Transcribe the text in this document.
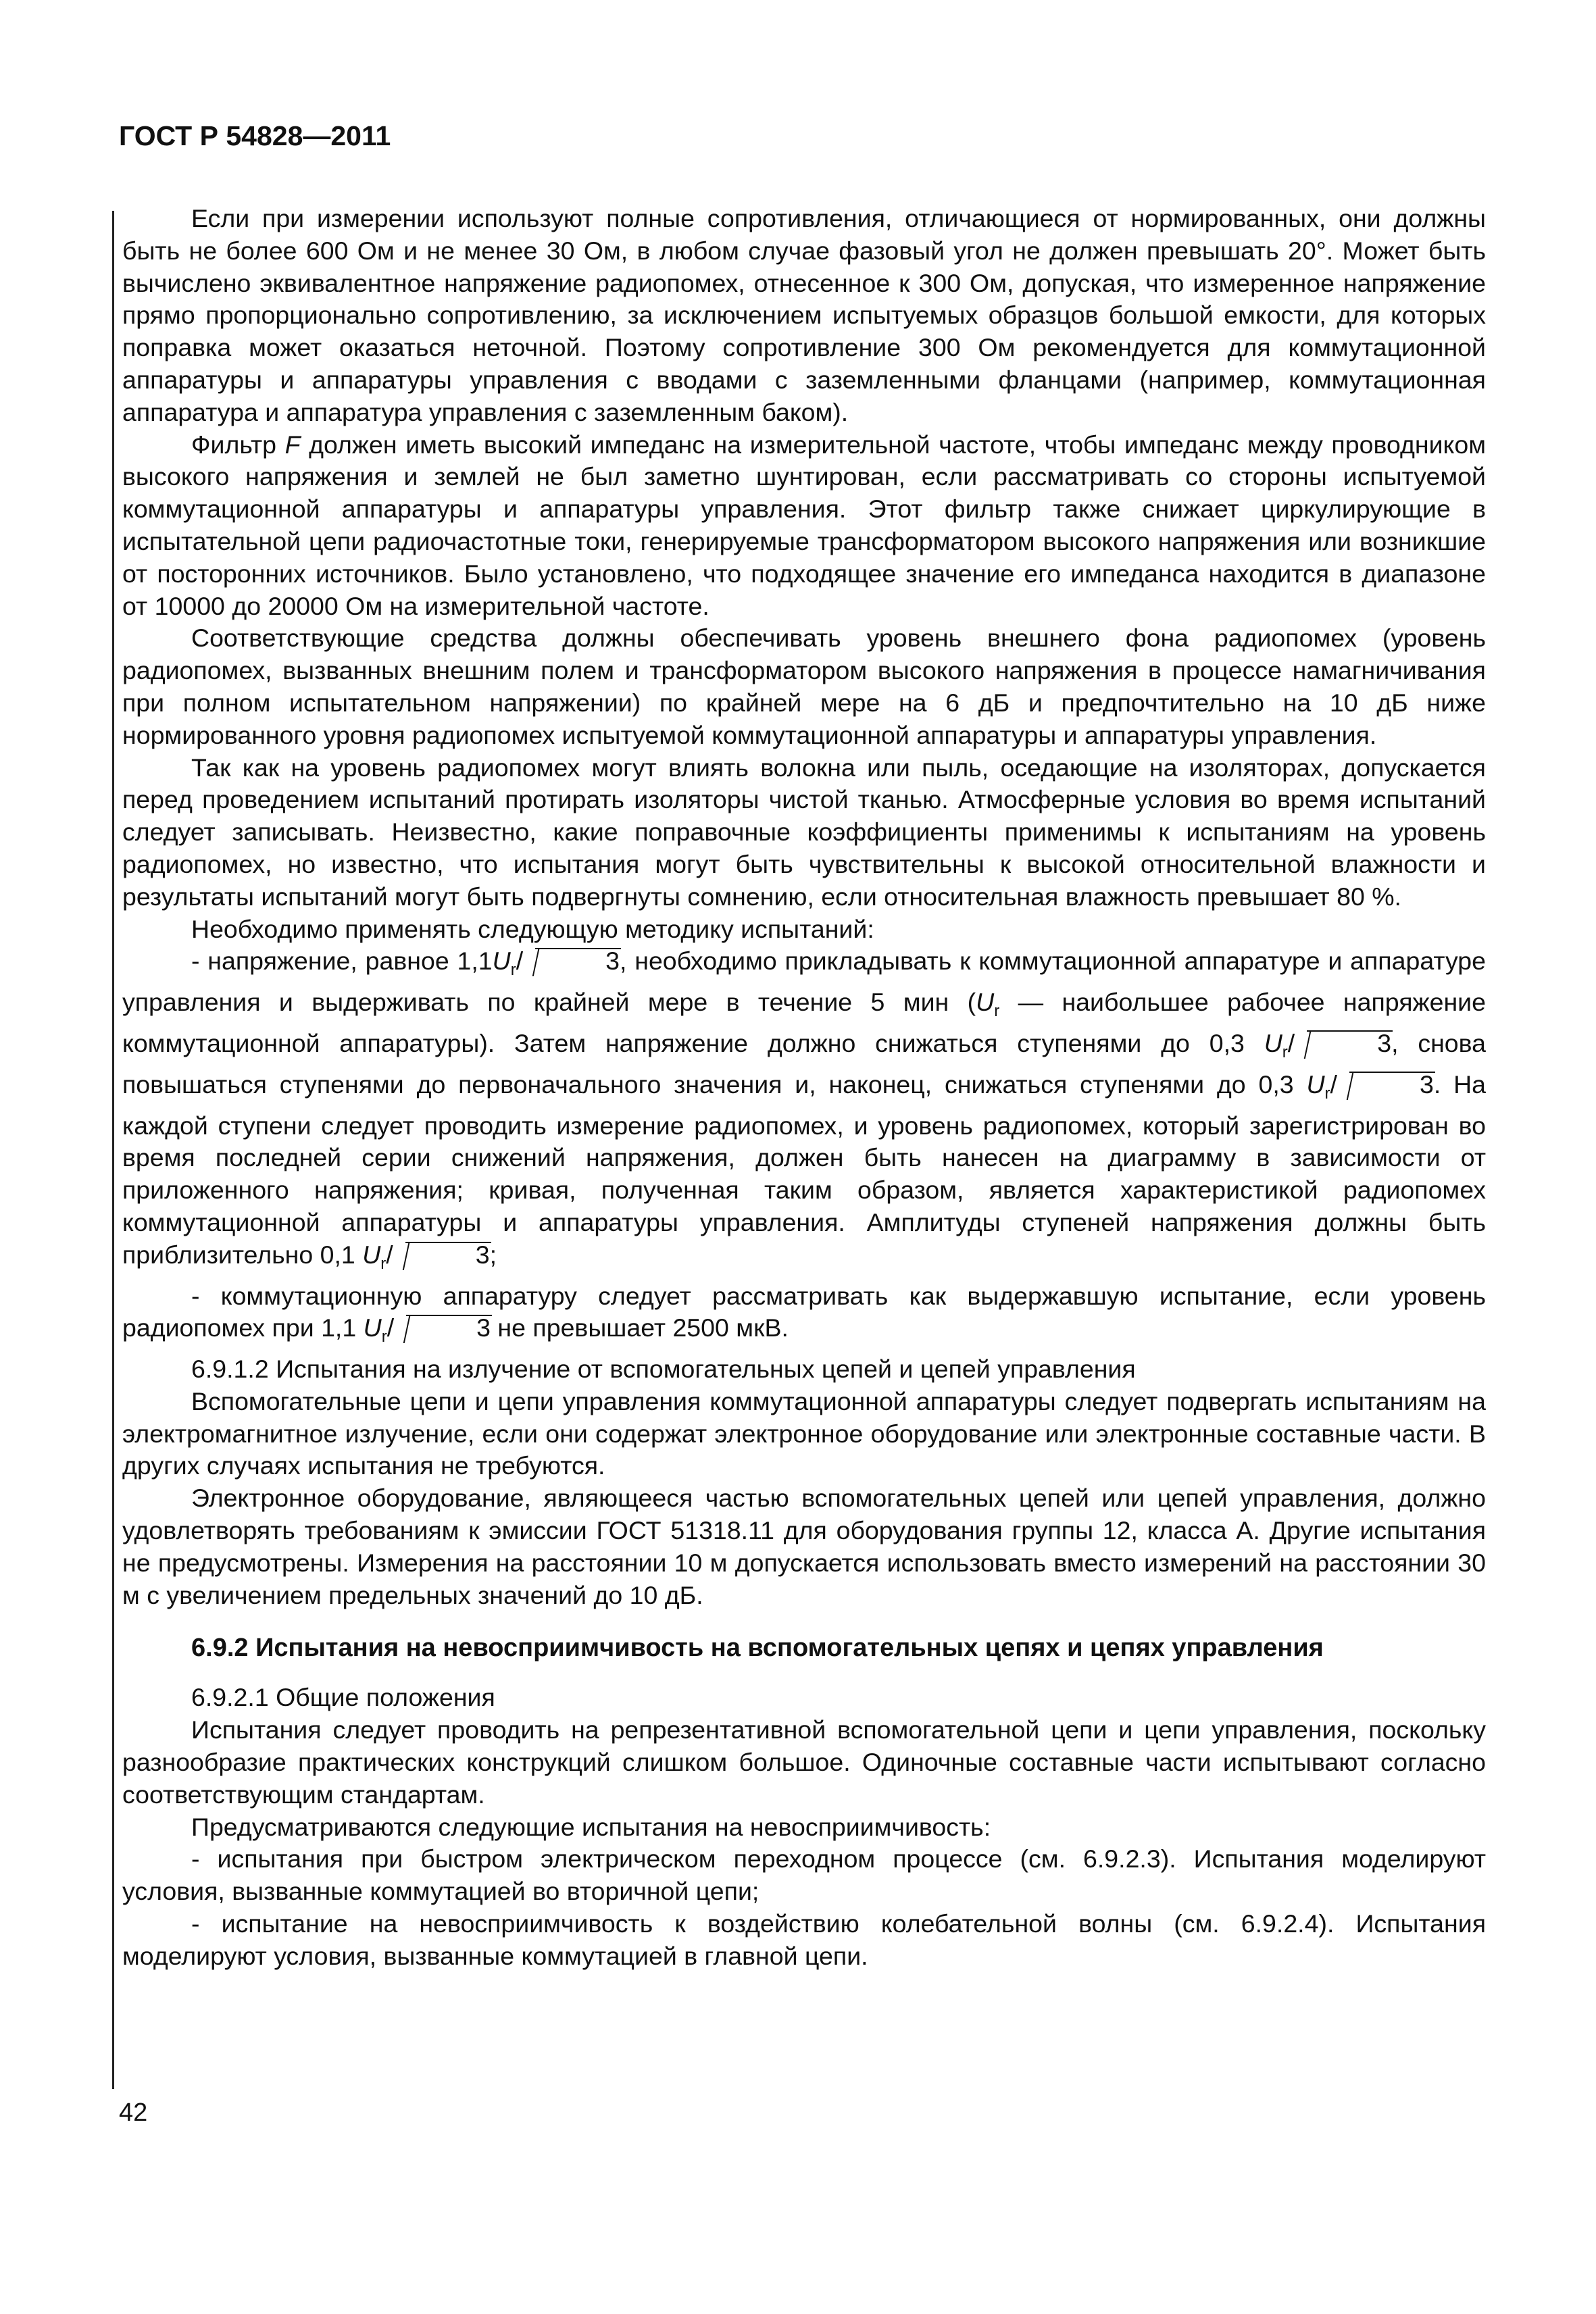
ГОСТ Р 54828—2011

Если при измерении используют полные сопротивления, отличающиеся от нормированных, они должны быть не более 600 Ом и не менее 30 Ом, в любом случае фазовый угол не должен превышать 20°. Может быть вычислено эквивалентное напряжение радиопомех, отнесенное к 300 Ом, допуская, что измеренное напряжение прямо пропорционально сопротивлению, за исключением испытуемых образцов большой емкости, для которых поправка может оказаться неточной. Поэтому сопротивление 300 Ом рекомендуется для коммутационной аппаратуры и аппаратуры управления с вводами с заземленными фланцами (например, коммутационная аппаратура и аппаратура управления с заземленным баком).

Фильтр F должен иметь высокий импеданс на измерительной частоте, чтобы импеданс между проводником высокого напряжения и землей не был заметно шунтирован, если рассматривать со стороны испытуемой коммутационной аппаратуры и аппаратуры управления. Этот фильтр также снижает циркулирующие в испытательной цепи радиочастотные токи, генерируемые трансформатором высокого напряжения или возникшие от посторонних источников. Было установлено, что подходящее значение его импеданса находится в диапазоне от 10000 до 20000 Ом на измерительной частоте.

Соответствующие средства должны обеспечивать уровень внешнего фона радиопомех (уровень радиопомех, вызванных внешним полем и трансформатором высокого напряжения в процессе намагничивания при полном испытательном напряжении) по крайней мере на 6 дБ и предпочтительно на 10 дБ ниже нормированного уровня радиопомех испытуемой коммутационной аппаратуры и аппаратуры управления.

Так как на уровень радиопомех могут влиять волокна или пыль, оседающие на изоляторах, допускается перед проведением испытаний протирать изоляторы чистой тканью. Атмосферные условия во время испытаний следует записывать. Неизвестно, какие поправочные коэффициенты применимы к испытаниям на уровень радиопомех, но известно, что испытания могут быть чувствительны к высокой относительной влажности и результаты испытаний могут быть подвергнуты сомнению, если относительная влажность превышает 80 %.

Необходимо применять следующую методику испытаний:

- напряжение, равное $1,1U_r/$	3, необходимо прикладывать к коммутационной аппаратуре и аппаратуре управления и выдерживать по крайней мере в течение 5 мин ($U_r$ — наибольшее рабочее напряжение коммутационной аппаратуры). Затем напряжение должно снижаться ступенями до 0,3 $U_r/$	3, снова повышаться ступенями до первоначального значения и, наконец, снижаться ступенями до 0,3 $U_r/$	3. На каждой ступени следует проводить измерение радиопомех, и уровень радиопомех, который зарегистрирован во время последней серии снижений напряжения, должен быть нанесен на диаграмму в зависимости от приложенного напряжения; кривая, полученная таким образом, является характеристикой радиопомех коммутационной аппаратуры и аппаратуры управления. Амплитуды ступеней напряжения должны быть приблизительно 0,1 $U_r/$	3;

- коммутационную аппаратуру следует рассматривать как выдержавшую испытание, если уровень радиопомех при 1,1 $U_r/$	3 не превышает 2500 мкВ.

6.9.1.2 Испытания на излучение от вспомогательных цепей и цепей управления

Вспомогательные цепи и цепи управления коммутационной аппаратуры следует подвергать испытаниям на электромагнитное излучение, если они содержат электронное оборудование или электронные составные части. В других случаях испытания не требуются.

Электронное оборудование, являющееся частью вспомогательных цепей или цепей управления, должно удовлетворять требованиям к эмиссии ГОСТ 51318.11 для оборудования группы 12, класса А. Другие испытания не предусмотрены. Измерения на расстоянии 10 м допускается использовать вместо измерений на расстоянии 30 м с увеличением предельных значений до 10 дБ.

6.9.2 Испытания на невосприимчивость на вспомогательных цепях и цепях управления

6.9.2.1 Общие положения

Испытания следует проводить на репрезентативной вспомогательной цепи и цепи управления, поскольку разнообразие практических конструкций слишком большое. Одиночные составные части испытывают согласно соответствующим стандартам.

Предусматриваются следующие испытания на невосприимчивость:

- испытания при быстром электрическом переходном процессе (см. 6.9.2.3). Испытания моделируют условия, вызванные коммутацией во вторичной цепи;

- испытание на невосприимчивость к воздействию колебательной волны (см. 6.9.2.4). Испытания моделируют условия, вызванные коммутацией в главной цепи.

42
